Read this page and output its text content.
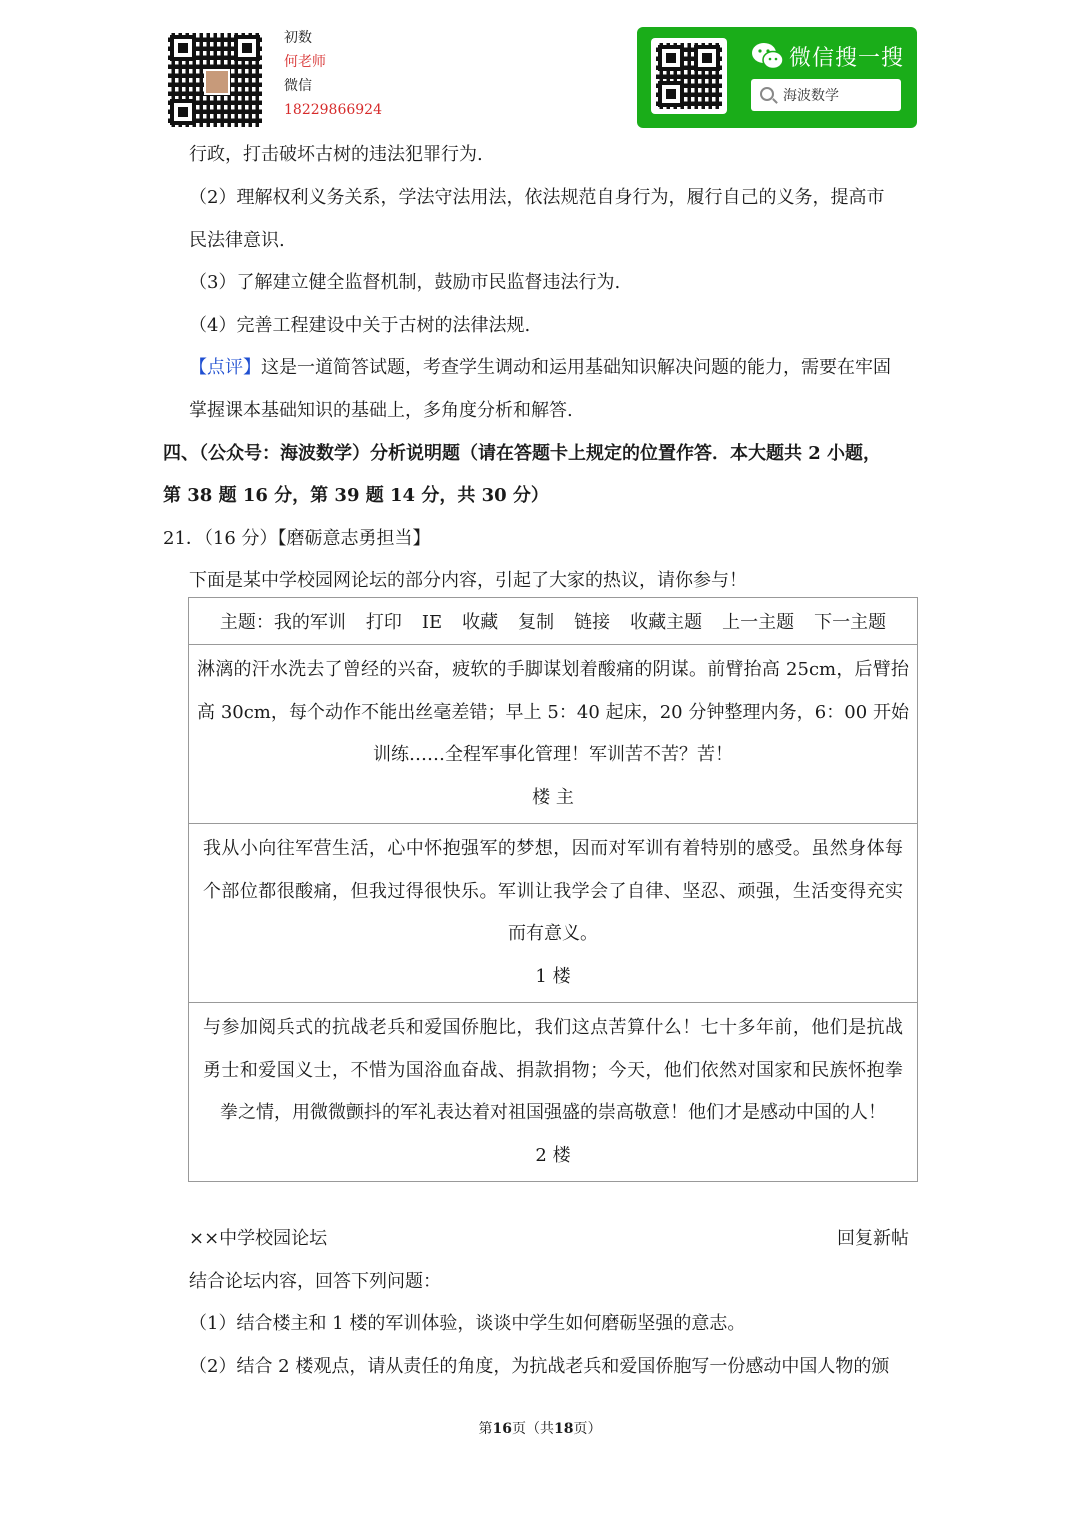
初数
何老师
微信
18229866924
微信搜一搜
海波数学
行政，打击破坏古树的违法犯罪行为.
（2）理解权利义务关系，学法守法用法，依法规范自身行为，履行自己的义务，提高市
民法律意识.
（3）了解建立健全监督机制，鼓励市民监督违法行为.
（4）完善工程建设中关于古树的法律法规.
【点评】这是一道简答试题，考查学生调动和运用基础知识解决问题的能力，需要在牢固
掌握课本基础知识的基础上，多角度分析和解答.
四、（公众号：海波数学）分析说明题（请在答题卡上规定的位置作答．本大题共 2 小题，
第 38 题 16 分，第 39 题 14 分，共 30 分）
21．（16 分）【磨砺意志勇担当】
下面是某中学校园网论坛的部分内容，引起了大家的热议，请你参与！
主题：我的军训 打印 IE 收藏 复制 链接 收藏主题 上一主题 下一主题

淋漓的汗水洗去了曾经的兴奋，疲软的手脚谋划着酸痛的阴谋。前臂抬高 25cm，后臂抬高 30cm，每个动作不能出丝毫差错；早上 5：40 起床，20 分钟整理内务，6：00 开始训练……全程军事化管理！军训苦不苦？苦！

楼 主

我从小向往军营生活，心中怀抱强军的梦想，因而对军训有着特别的感受。虽然身体每个部位都很酸痛，但我过得很快乐。军训让我学会了自律、坚忍、顽强，生活变得充实而有意义。

1 楼

与参加阅兵式的抗战老兵和爱国侨胞比，我们这点苦算什么！七十多年前，他们是抗战勇士和爱国义士，不惜为国浴血奋战、捐款捐物；今天，他们依然对国家和民族怀抱拳拳之情，用微微颤抖的军礼表达着对祖国强盛的崇高敬意！他们才是感动中国的人！

2 楼

××中学校园论坛	回复新帖
结合论坛内容，回答下列问题：
（1）结合楼主和 1 楼的军训体验，谈谈中学生如何磨砺坚强的意志。
（2）结合 2 楼观点，请从责任的角度，为抗战老兵和爱国侨胞写一份感动中国人物的颁
第16页（共18页）
